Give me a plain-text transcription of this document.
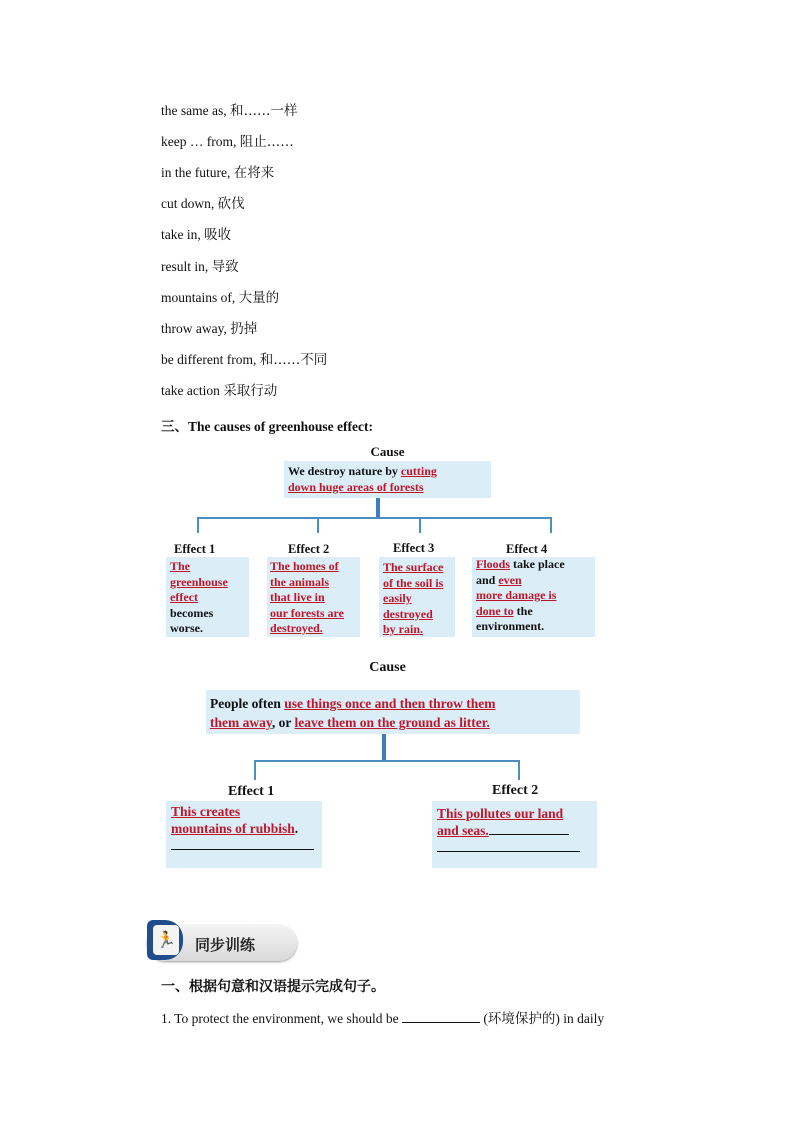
the same as, 和……一样
keep … from, 阻止……
in the future, 在将来
cut down, 砍伐
take in, 吸收
result in, 导致
mountains of, 大量的
throw away, 扔掉
be different from, 和……不同
take action 采取行动
三、The causes of greenhouse effect:
Cause
We destroy nature by cutting
down huge areas of forests
Effect 1
The
greenhouse
effect
becomes
worse.
Effect 2
The homes of
the animals
that live in
our forests are
destroyed.
Effect 3
The surface
of the soil is
easily
destroyed
by rain.
Effect 4
Floods take place
and even
more damage is
done to the
environment.
Cause
People often use things once and then throw them
them away, or leave them on the ground as litter.
Effect 1
This creates
mountains of rubbish.

Effect 2
This pollutes our land
and seas.

🏃 同步训练
一、根据句意和汉语提示完成句子。
1. To protect the environment, we should be	(环境保护的) in daily
